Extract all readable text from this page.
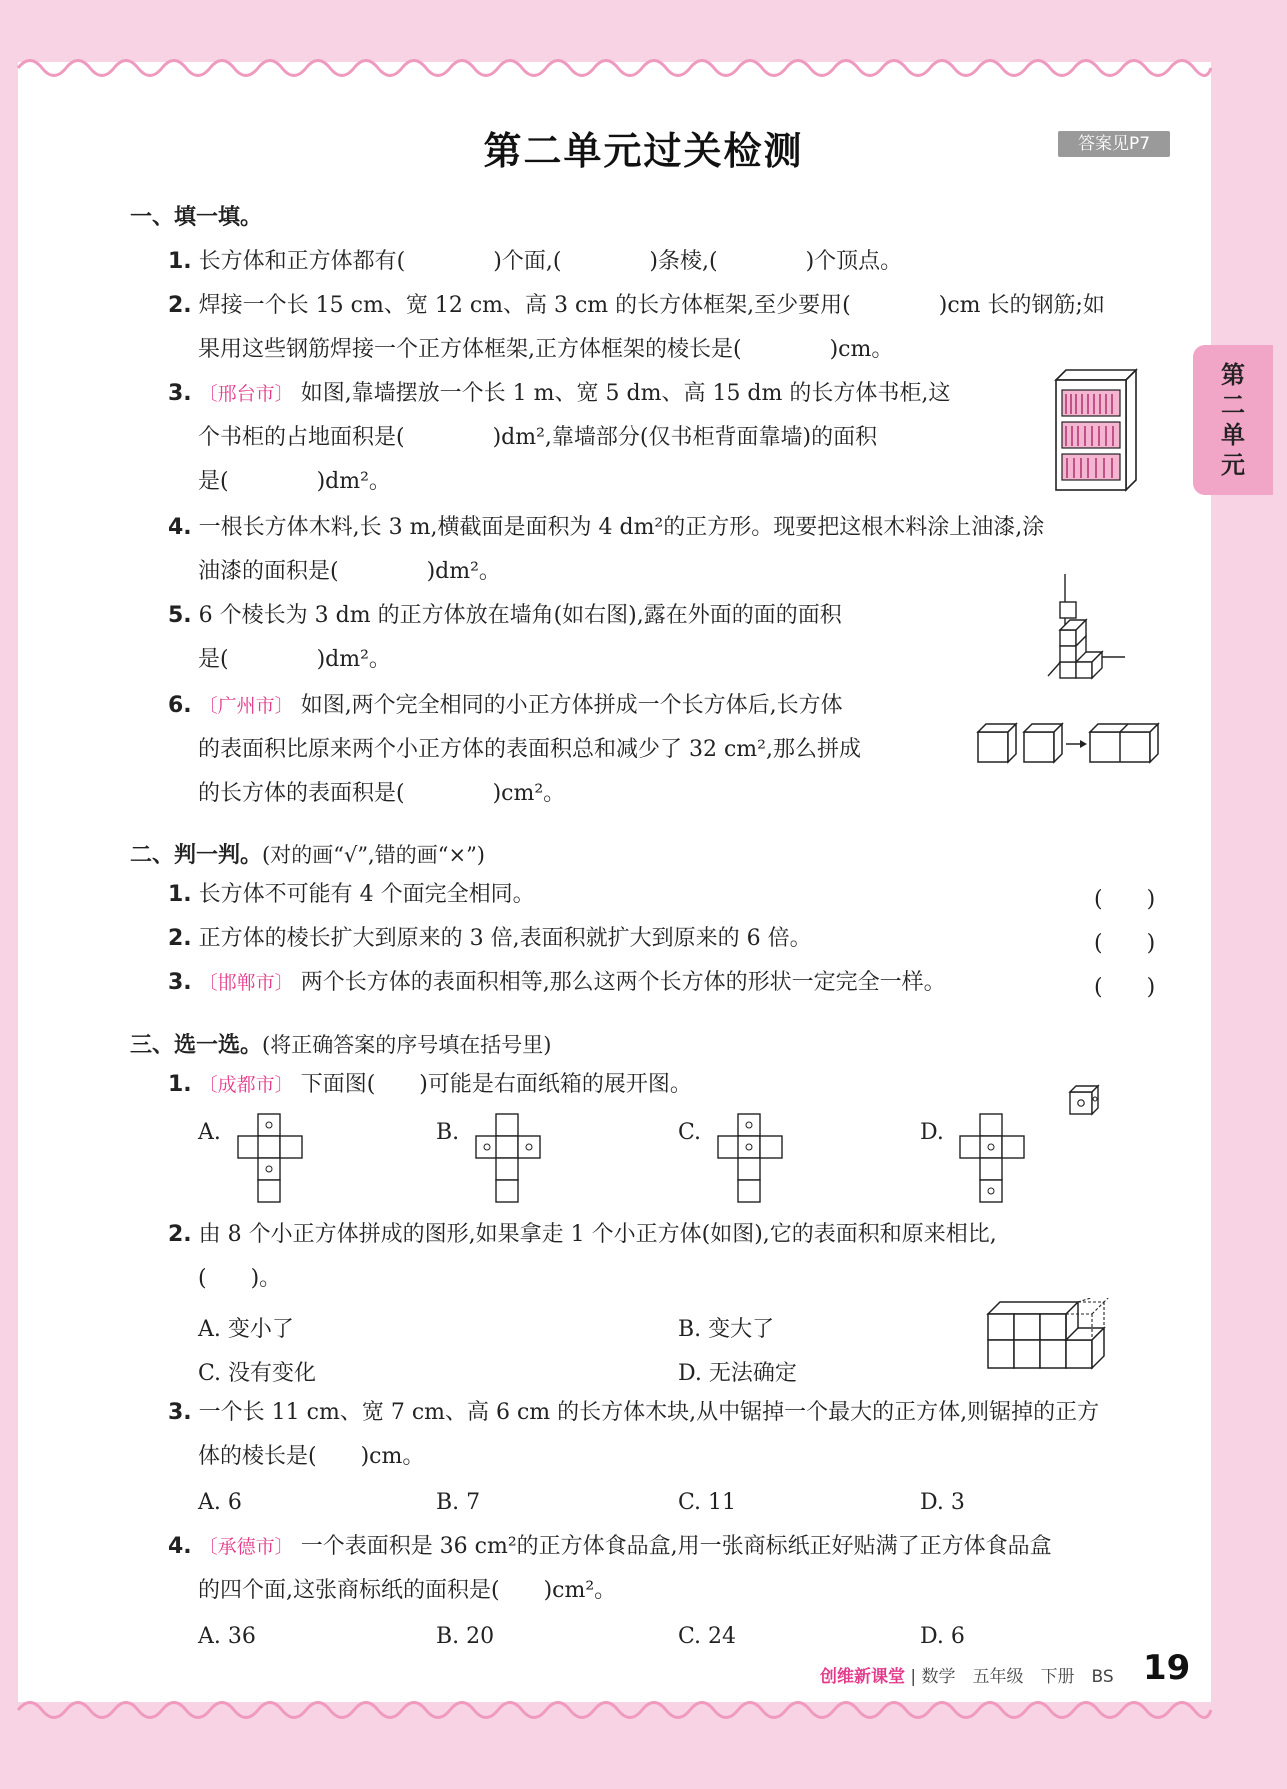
第二单元过关检测	答案见P7
第
二
单
元
一、填一填。
1. 长方体和正方体都有(　　　　)个面,(　　　　)条棱,(　　　　)个顶点。
2. 焊接一个长 15 cm、宽 12 cm、高 3 cm 的长方体框架,至少要用(　　　　)cm 长的钢筋;如
果用这些钢筋焊接一个正方体框架,正方体框架的棱长是(　　　　)cm。
3. 〔邢台市〕 如图,靠墙摆放一个长 1 m、宽 5 dm、高 15 dm 的长方体书柜,这
个书柜的占地面积是(　　　　)dm²,靠墙部分(仅书柜背面靠墙)的面积
是(　　　　)dm²。
4. 一根长方体木料,长 3 m,横截面是面积为 4 dm²的正方形。现要把这根木料涂上油漆,涂
油漆的面积是(　　　　)dm²。
5. 6 个棱长为 3 dm 的正方体放在墙角(如右图),露在外面的面的面积
是(　　　　)dm²。
6. 〔广州市〕 如图,两个完全相同的小正方体拼成一个长方体后,长方体
的表面积比原来两个小正方体的表面积总和减少了 32 cm²,那么拼成
的长方体的表面积是(　　　　)cm²。
二、判一判。(对的画“√”,错的画“×”)
1. 长方体不可能有 4 个面完全相同。	(　　)
2. 正方体的棱长扩大到原来的 3 倍,表面积就扩大到原来的 6 倍。	(　　)
3. 〔邯郸市〕 两个长方体的表面积相等,那么这两个长方体的形状一定完全一样。	(　　)
三、选一选。(将正确答案的序号填在括号里)
1. 〔成都市〕 下面图(　　)可能是右面纸箱的展开图。
A.	B.	C.	D.
2. 由 8 个小正方体拼成的图形,如果拿走 1 个小正方体(如图),它的表面积和原来相比,
(　　)。
A. 变小了	B. 变大了
C. 没有变化	D. 无法确定
3. 一个长 11 cm、宽 7 cm、高 6 cm 的长方体木块,从中锯掉一个最大的正方体,则锯掉的正方
体的棱长是(　　)cm。
A. 6	B. 7	C. 11	D. 3
4. 〔承德市〕 一个表面积是 36 cm²的正方体食品盒,用一张商标纸正好贴满了正方体食品盒
的四个面,这张商标纸的面积是(　　)cm²。
A. 36	B. 20	C. 24	D. 6
创维新课堂 | 数学　五年级　下册　BS 19
